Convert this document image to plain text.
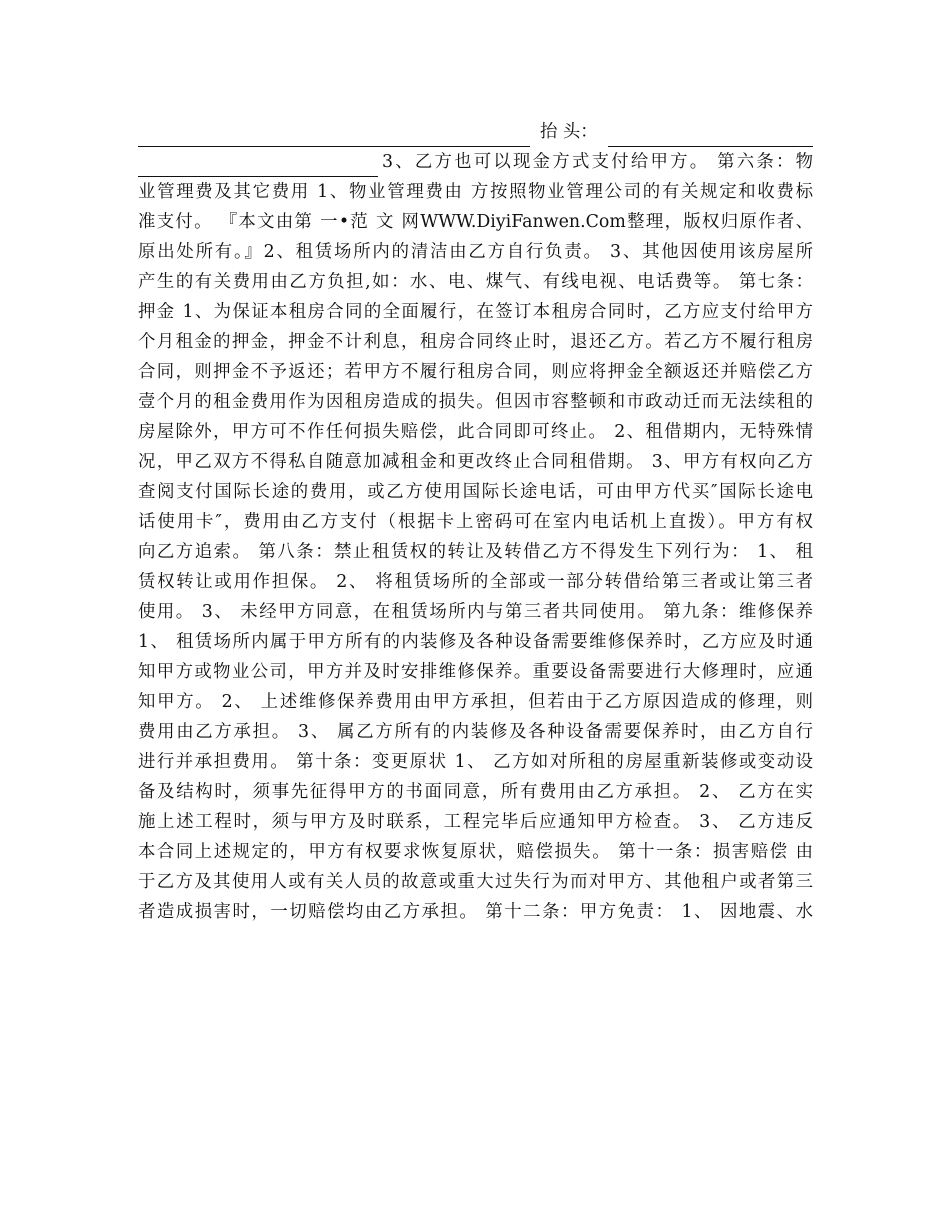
抬 头：
3、乙方也可以现金方式支付给甲方。 第六条：物
业管理费及其它费用 1、物业管理费由 方按照物业管理公司的有关规定和收费标
准支付。 『本文由第 一•范 文 网WWW.DiyiFanwen.Com整理，版权归原作者、
原出处所有。』2、租赁场所内的清洁由乙方自行负责。 3、其他因使用该房屋所
产生的有关费用由乙方负担,如：水、电、煤气、有线电视、电话费等。 第七条：
押金 1、为保证本租房合同的全面履行，在签订本租房合同时，乙方应支付给甲方
个月租金的押金，押金不计利息，租房合同终止时，退还乙方。若乙方不履行租房
合同，则押金不予返还；若甲方不履行租房合同，则应将押金全额返还并赔偿乙方
壹个月的租金费用作为因租房造成的损失。但因市容整顿和市政动迁而无法续租的
房屋除外，甲方可不作任何损失赔偿，此合同即可终止。 2、租借期内，无特殊情
况，甲乙双方不得私自随意加减租金和更改终止合同租借期。 3、甲方有权向乙方
查阅支付国际长途的费用，或乙方使用国际长途电话，可由甲方代买″国际长途电
话使用卡″，费用由乙方支付（根据卡上密码可在室内电话机上直拨）。甲方有权
向乙方追索。 第八条：禁止租赁权的转让及转借乙方不得发生下列行为： 1、 租
赁权转让或用作担保。 2、 将租赁场所的全部或一部分转借给第三者或让第三者
使用。 3、 未经甲方同意，在租赁场所内与第三者共同使用。 第九条：维修保养
1、 租赁场所内属于甲方所有的内装修及各种设备需要维修保养时，乙方应及时通
知甲方或物业公司，甲方并及时安排维修保养。重要设备需要进行大修理时，应通
知甲方。 2、 上述维修保养费用由甲方承担，但若由于乙方原因造成的修理，则
费用由乙方承担。 3、 属乙方所有的内装修及各种设备需要保养时，由乙方自行
进行并承担费用。 第十条：变更原状 1、 乙方如对所租的房屋重新装修或变动设
备及结构时，须事先征得甲方的书面同意，所有费用由乙方承担。 2、 乙方在实
施上述工程时，须与甲方及时联系，工程完毕后应通知甲方检查。 3、 乙方违反
本合同上述规定的，甲方有权要求恢复原状，赔偿损失。 第十一条：损害赔偿 由
于乙方及其使用人或有关人员的故意或重大过失行为而对甲方、其他租户或者第三
者造成损害时，一切赔偿均由乙方承担。 第十二条：甲方免责： 1、 因地震、水
